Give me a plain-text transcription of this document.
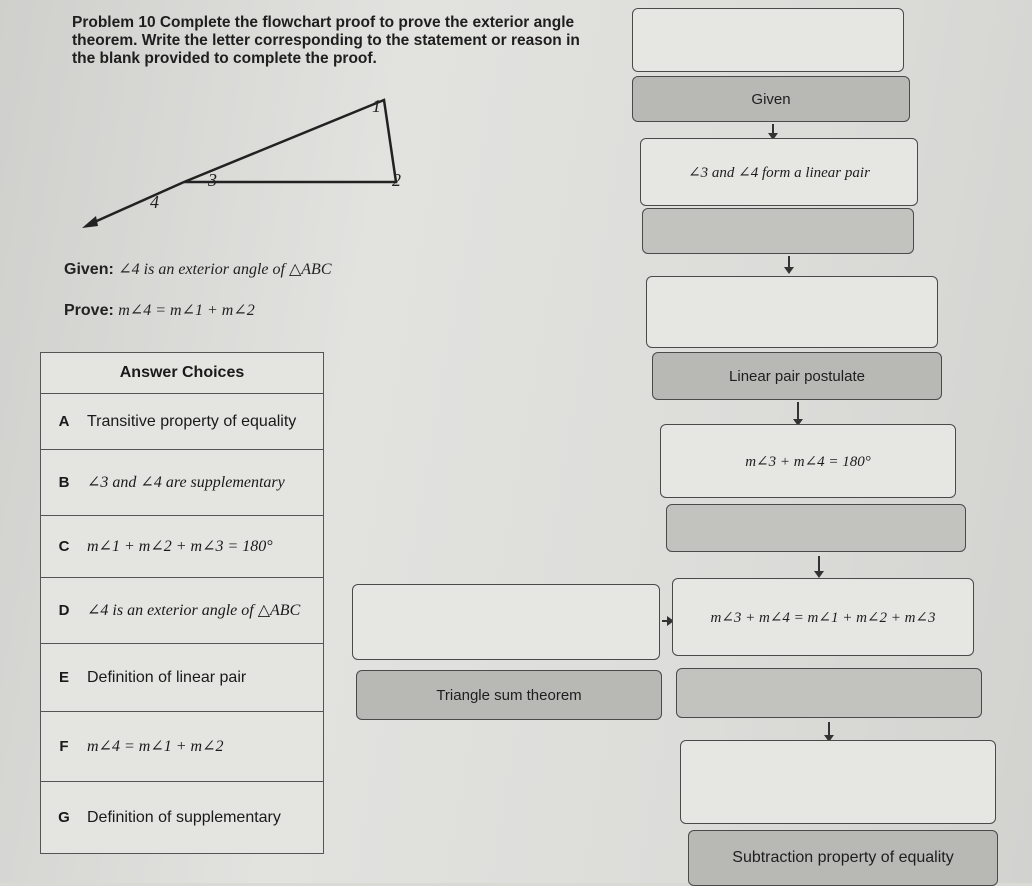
Problem 10 Complete the flowchart proof to prove the exterior angle theorem. Write the letter corresponding to the statement or reason in the blank provided to complete the proof.
1
2
3
4
Given: ∠4 is an exterior angle of △ABC
Prove: m∠4 = m∠1 + m∠2
Answer Choices
A	Transitive property of equality
B	∠3 and ∠4 are supplementary
C	m∠1 + m∠2 + m∠3 = 180°
D	∠4 is an exterior angle of △ABC
E	Definition of linear pair
F	m∠4 = m∠1 + m∠2
G	Definition of supplementary
Given
∠3 and ∠4 form a linear pair
Linear pair postulate
m∠3 + m∠4 = 180°
m∠3 + m∠4 = m∠1 + m∠2 + m∠3
Triangle sum theorem
Subtraction property of equality
